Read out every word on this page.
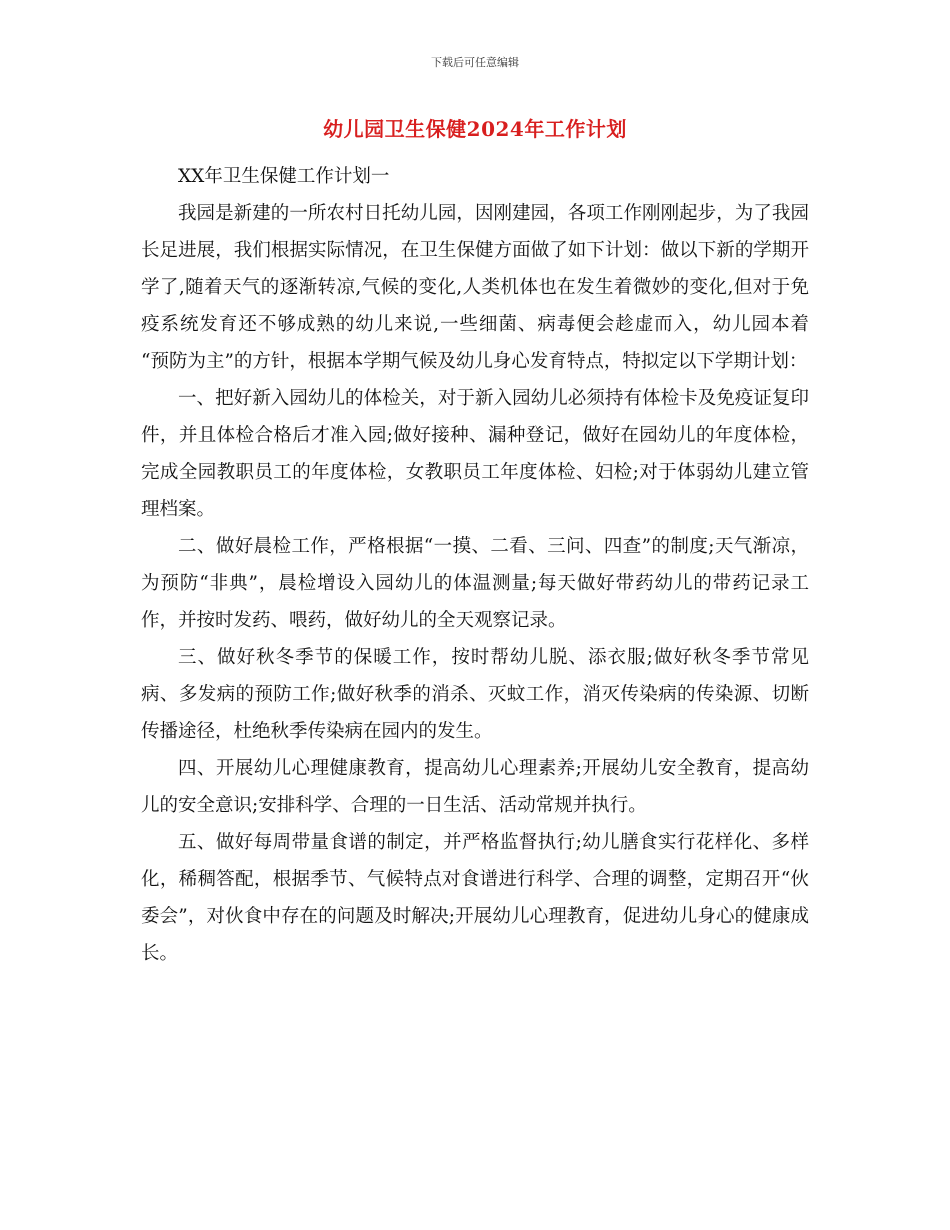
下载后可任意编辑
幼儿园卫生保健2024年工作计划

XX年卫生保健工作计划一

我园是新建的一所农村日托幼儿园，因刚建园，各项工作刚刚起步，为了我园长足进展，我们根据实际情况，在卫生保健方面做了如下计划：做以下新的学期开学了,随着天气的逐渐转凉,气候的变化,人类机体也在发生着微妙的变化,但对于免疫系统发育还不够成熟的幼儿来说,一些细菌、病毒便会趁虚而入，幼儿园本着 “预防为主”的方针，根据本学期气候及幼儿身心发育特点，特拟定以下学期计划：

一、把好新入园幼儿的体检关，对于新入园幼儿必须持有体检卡及免疫证复印件，并且体检合格后才准入园;做好接种、漏种登记，做好在园幼儿的年度体检，完成全园教职员工的年度体检，女教职员工年度体检、妇检;对于体弱幼儿建立管理档案。

二、做好晨检工作，严格根据“一摸、二看、三问、四查”的制度;天气渐凉，为预防“非典”，晨检增设入园幼儿的体温测量;每天做好带药幼儿的带药记录工作，并按时发药、喂药，做好幼儿的全天观察记录。

三、做好秋冬季节的保暖工作，按时帮幼儿脱、添衣服;做好秋冬季节常见病、多发病的预防工作;做好秋季的消杀、灭蚊工作，消灭传染病的传染源、切断传播途径，杜绝秋季传染病在园内的发生。

四、开展幼儿心理健康教育，提高幼儿心理素养;开展幼儿安全教育，提高幼儿的安全意识;安排科学、合理的一日生活、活动常规并执行。

五、做好每周带量食谱的制定，并严格监督执行;幼儿膳食实行花样化、多样化，稀稠答配，根据季节、气候特点对食谱进行科学、合理的调整，定期召开“伙委会”，对伙食中存在的问题及时解决;开展幼儿心理教育，促进幼儿身心的健康成长。
